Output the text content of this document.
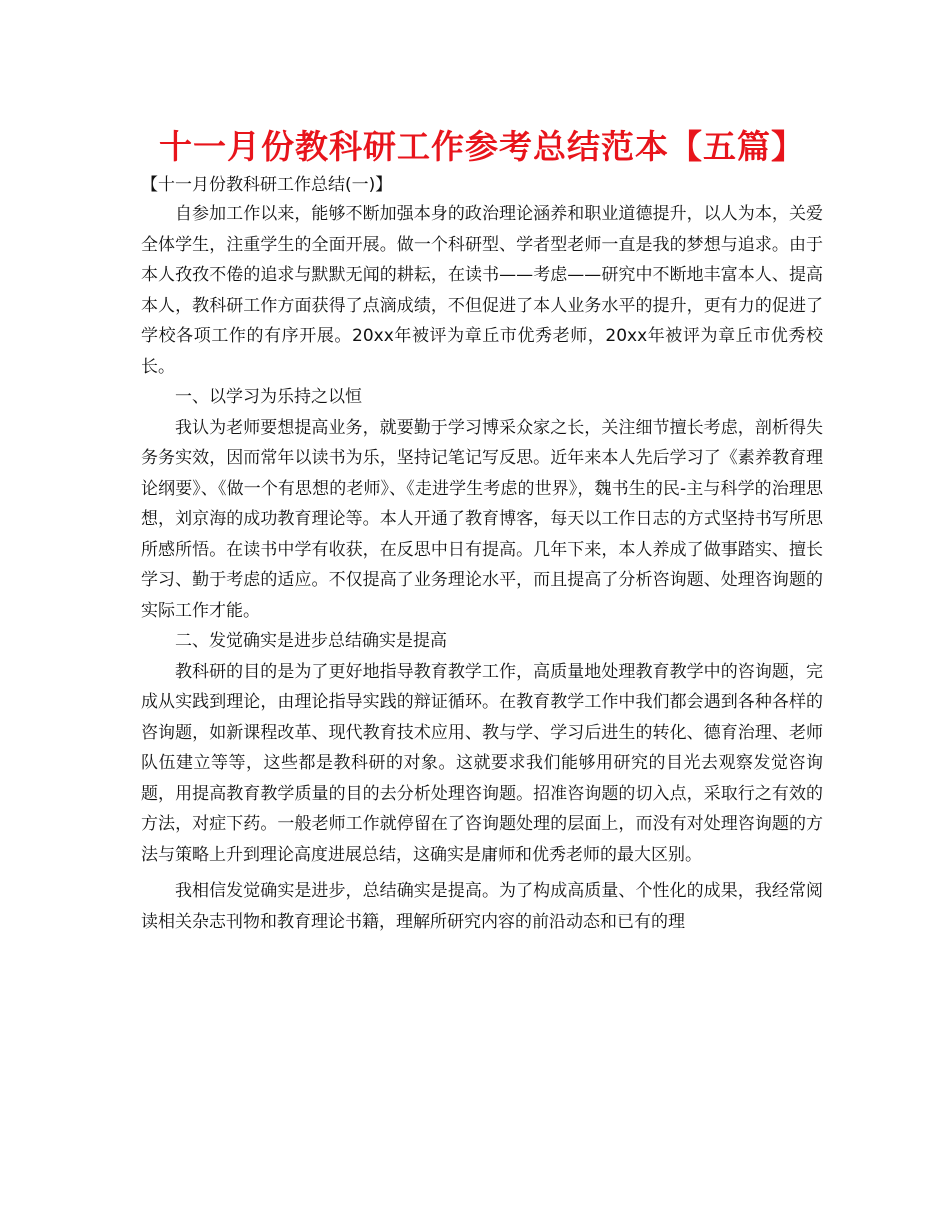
十一月份教科研工作参考总结范本【五篇】

【十一月份教科研工作总结(一)】

自参加工作以来，能够不断加强本身的政治理论涵养和职业道德提升，以人为本，关爱全体学生，注重学生的全面开展。做一个科研型、学者型老师一直是我的梦想与追求。由于本人孜孜不倦的追求与默默无闻的耕耘，在读书——考虑——研究中不断地丰富本人、提高本人，教科研工作方面获得了点滴成绩，不但促进了本人业务水平的提升，更有力的促进了学校各项工作的有序开展。20xx年被评为章丘市优秀老师，20xx年被评为章丘市优秀校长。

一、以学习为乐持之以恒

我认为老师要想提高业务，就要勤于学习博采众家之长，关注细节擅长考虑，剖析得失务务实效，因而常年以读书为乐，坚持记笔记写反思。近年来本人先后学习了《素养教育理论纲要》、《做一个有思想的老师》、《走进学生考虑的世界》，魏书生的民-主与科学的治理思想，刘京海的成功教育理论等。本人开通了教育博客，每天以工作日志的方式坚持书写所思所感所悟。在读书中学有收获，在反思中日有提高。几年下来，本人养成了做事踏实、擅长学习、勤于考虑的适应。不仅提高了业务理论水平，而且提高了分析咨询题、处理咨询题的实际工作才能。

二、发觉确实是进步总结确实是提高

教科研的目的是为了更好地指导教育教学工作，高质量地处理教育教学中的咨询题，完成从实践到理论，由理论指导实践的辩证循环。在教育教学工作中我们都会遇到各种各样的咨询题，如新课程改革、现代教育技术应用、教与学、学习后进生的转化、德育治理、老师队伍建立等等，这些都是教科研的对象。这就要求我们能够用研究的目光去观察发觉咨询题，用提高教育教学质量的目的去分析处理咨询题。招准咨询题的切入点，采取行之有效的方法，对症下药。一般老师工作就停留在了咨询题处理的层面上，而没有对处理咨询题的方法与策略上升到理论高度进展总结，这确实是庸师和优秀老师的最大区别。

我相信发觉确实是进步，总结确实是提高。为了构成高质量、个性化的成果，我经常阅读相关杂志刊物和教育理论书籍，理解所研究内容的前沿动态和已有的理
